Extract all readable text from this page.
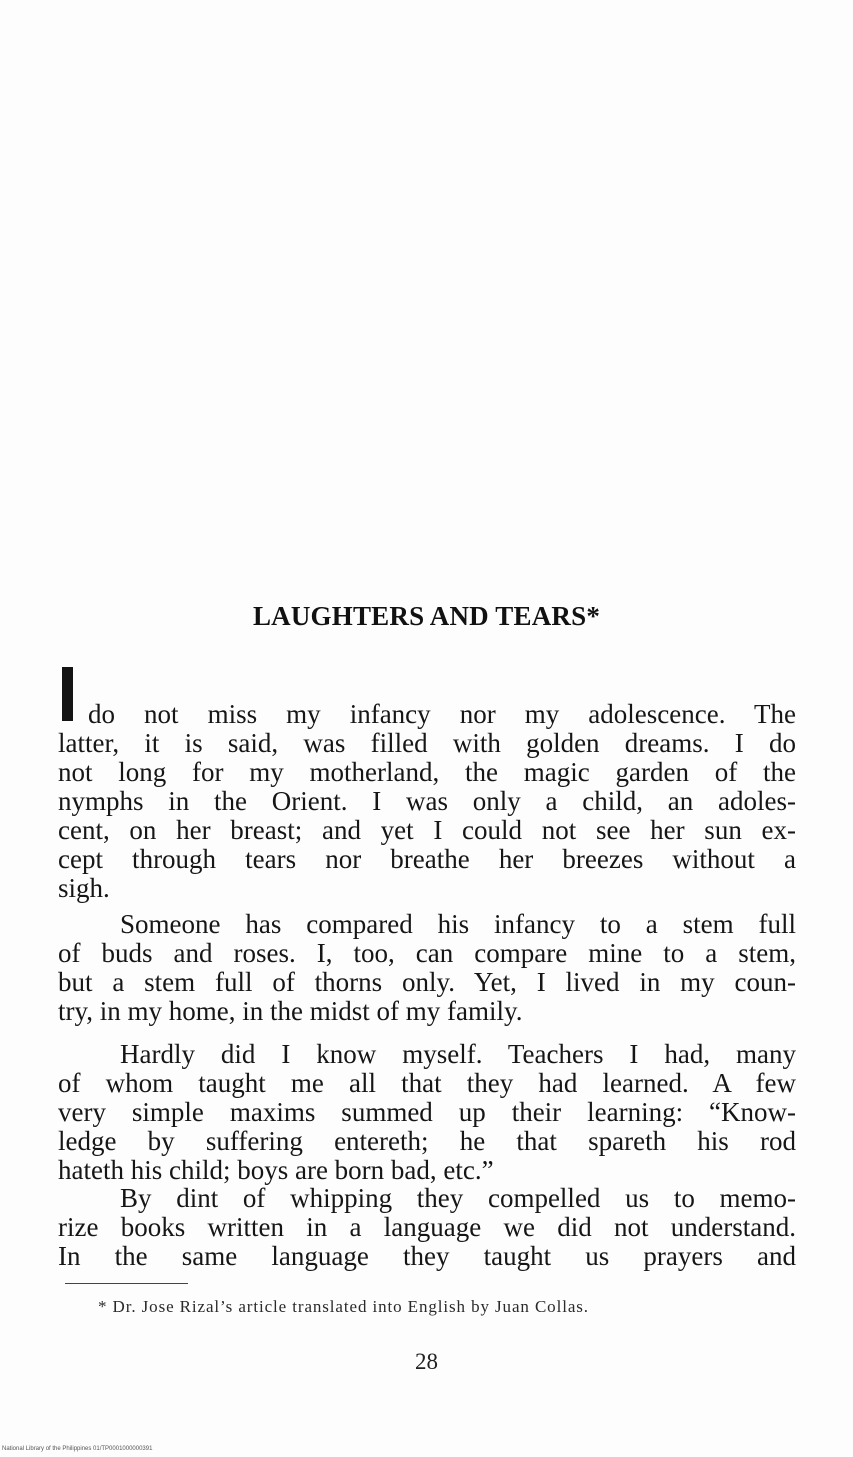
LAUGHTERS AND TEARS*
do not miss my infancy nor my adolescence. The
latter, it is said, was filled with golden dreams. I do
not long for my motherland, the magic garden of the
nymphs in the Orient. I was only a child, an adoles-
cent, on her breast; and yet I could not see her sun ex-
cept through tears nor breathe her breezes without a
sigh.
Someone has compared his infancy to a stem full
of buds and roses. I, too, can compare mine to a stem,
but a stem full of thorns only. Yet, I lived in my coun-
try, in my home, in the midst of my family.
Hardly did I know myself. Teachers I had, many
of whom taught me all that they had learned. A few
very simple maxims summed up their learning: “Know-
ledge by suffering entereth; he that spareth his rod
hateth his child; boys are born bad, etc.”
By dint of whipping they compelled us to memo-
rize books written in a language we did not understand.
In the same language they taught us prayers and
* Dr. Jose Rizal’s article translated into English by Juan Collas.
28
National Library of the Philippines 01/TP0001000000391
